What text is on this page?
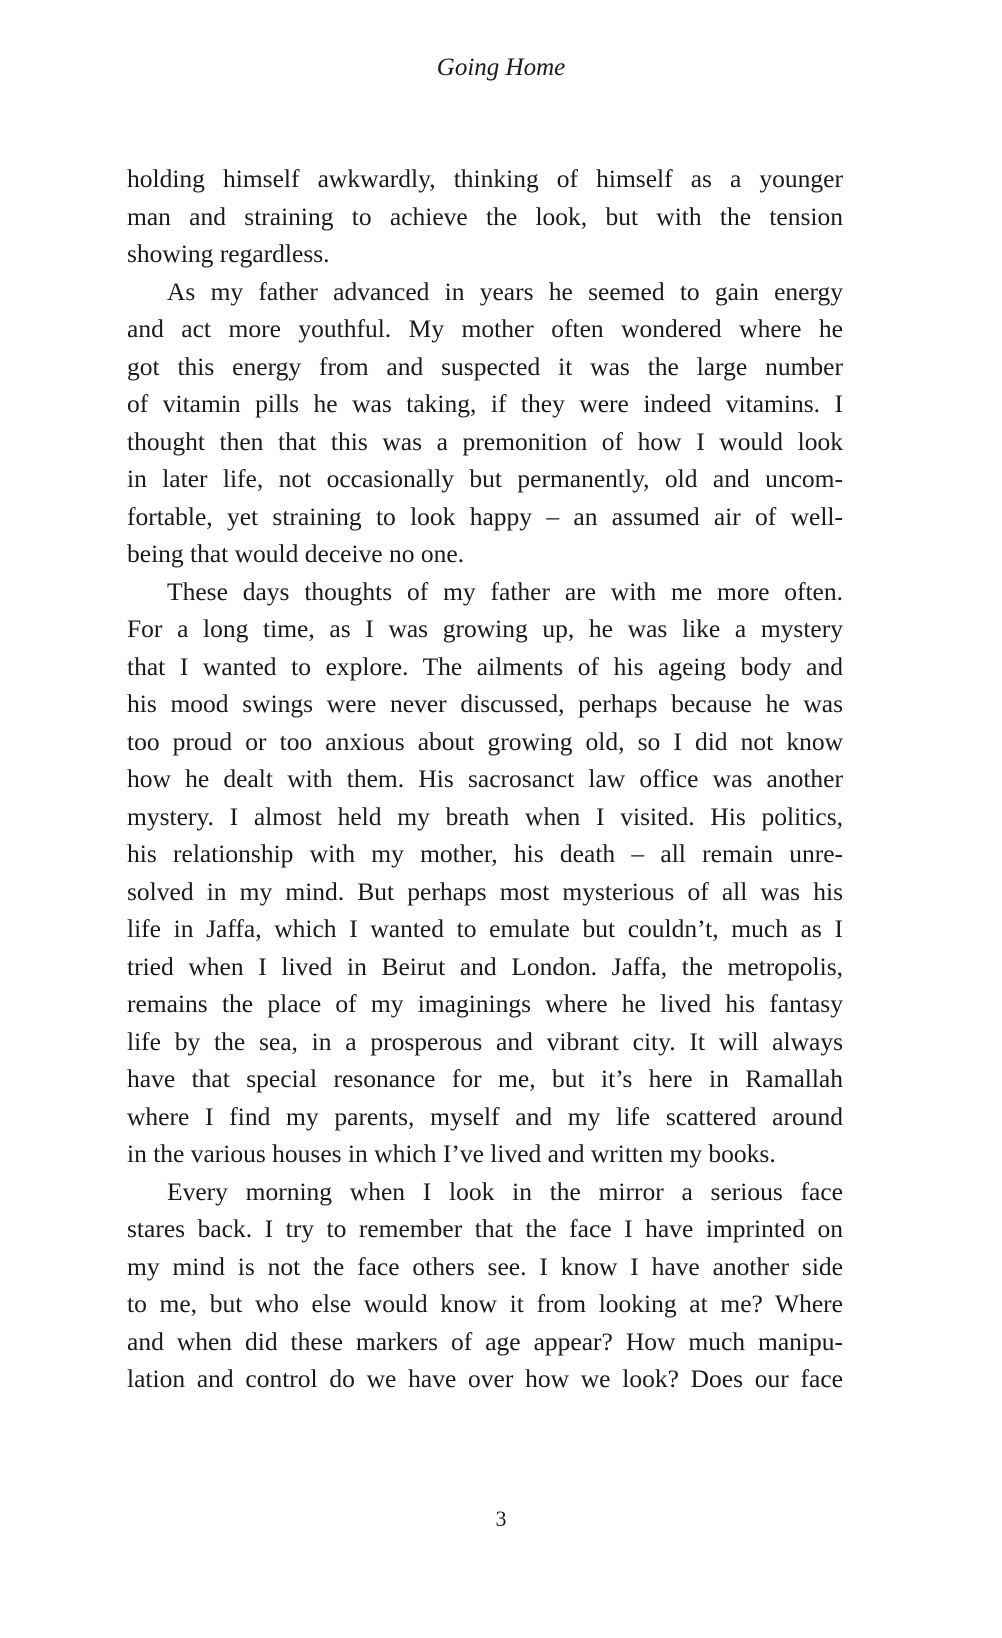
Going Home
holding himself awkwardly, thinking of himself as a younger
man and straining to achieve the look, but with the tension
showing regardless.
As my father advanced in years he seemed to gain energy
and act more youthful. My mother often wondered where he
got this energy from and suspected it was the large number
of vitamin pills he was taking, if they were indeed vitamins. I
thought then that this was a premonition of how I would look
in later life, not occasionally but permanently, old and uncom-
fortable, yet straining to look happy – an assumed air of well-
being that would deceive no one.
These days thoughts of my father are with me more often.
For a long time, as I was growing up, he was like a mystery
that I wanted to explore. The ailments of his ageing body and
his mood swings were never discussed, perhaps because he was
too proud or too anxious about growing old, so I did not know
how he dealt with them. His sacrosanct law office was another
mystery. I almost held my breath when I visited. His politics,
his relationship with my mother, his death – all remain unre-
solved in my mind. But perhaps most mysterious of all was his
life in Jaffa, which I wanted to emulate but couldn’t, much as I
tried when I lived in Beirut and London. Jaffa, the metropolis,
remains the place of my imaginings where he lived his fantasy
life by the sea, in a prosperous and vibrant city. It will always
have that special resonance for me, but it’s here in Ramallah
where I find my parents, myself and my life scattered around
in the various houses in which I’ve lived and written my books.
Every morning when I look in the mirror a serious face
stares back. I try to remember that the face I have imprinted on
my mind is not the face others see. I know I have another side
to me, but who else would know it from looking at me? Where
and when did these markers of age appear? How much manipu-
lation and control do we have over how we look? Does our face
3
